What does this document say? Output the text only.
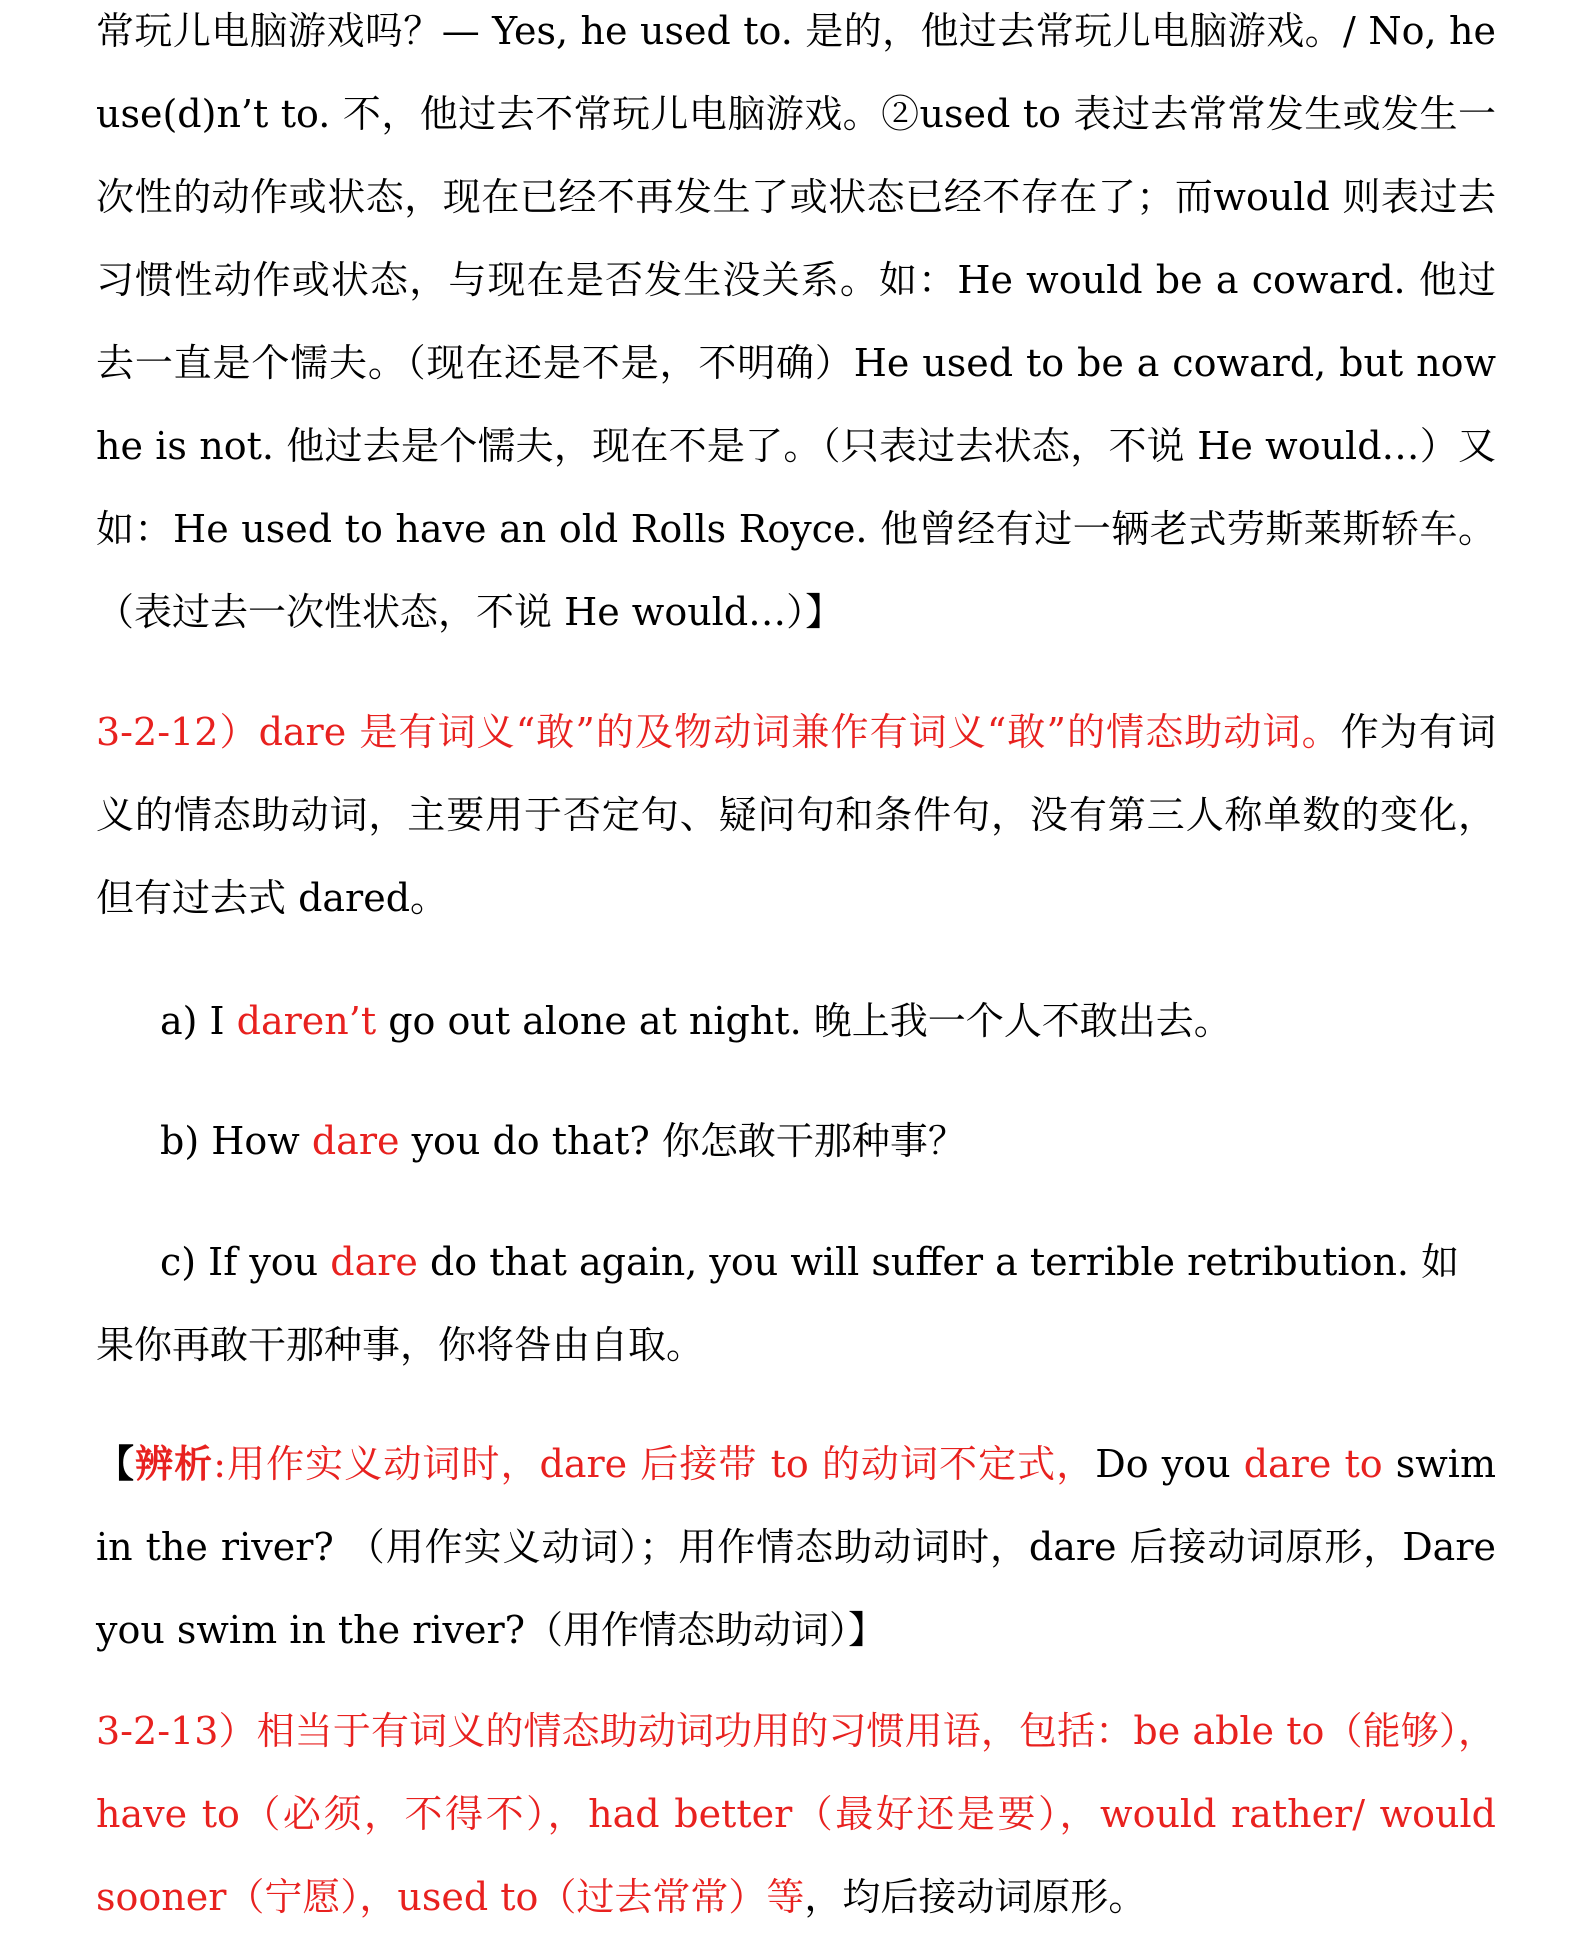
常玩儿电脑游戏吗？— Yes, he used to. 是的，他过去常玩儿电脑游戏。/ No, he use(d)n’t to. 不，他过去不常玩儿电脑游戏。②used to 表过去常常发生或发生一次性的动作或状态，现在已经不再发生了或状态已经不存在了；而would 则表过去习惯性动作或状态，与现在是否发生没关系。如：He would be a coward. 他过去一直是个懦夫。（现在还是不是，不明确）He used to be a coward, but now he is not. 他过去是个懦夫，现在不是了。（只表过去状态，不说 He would…）又如：He used to have an old Rolls Royce. 他曾经有过一辆老式劳斯莱斯轿车。（表过去一次性状态，不说 He would…）】

3-2-12）dare 是有词义“敢”的及物动词兼作有词义“敢”的情态助动词。作为有词义的情态助动词，主要用于否定句、疑问句和条件句，没有第三人称单数的变化，但有过去式 dared。

a) I daren’t go out alone at night. 晚上我一个人不敢出去。

b) How dare you do that? 你怎敢干那种事？

c) If you dare do that again, you will suffer a terrible retribution. 如果你再敢干那种事，你将咎由自取。

【辨析:用作实义动词时，dare 后接带 to 的动词不定式，Do you dare to swim in the river? （用作实义动词）；用作情态助动词时，dare 后接动词原形，Dare you swim in the river?（用作情态助动词）】

3-2-13）相当于有词义的情态助动词功用的习惯用语，包括：be able to（能够），have to（必须，不得不），had better（最好还是要），would rather/ would sooner（宁愿），used to（过去常常）等，均后接动词原形。
